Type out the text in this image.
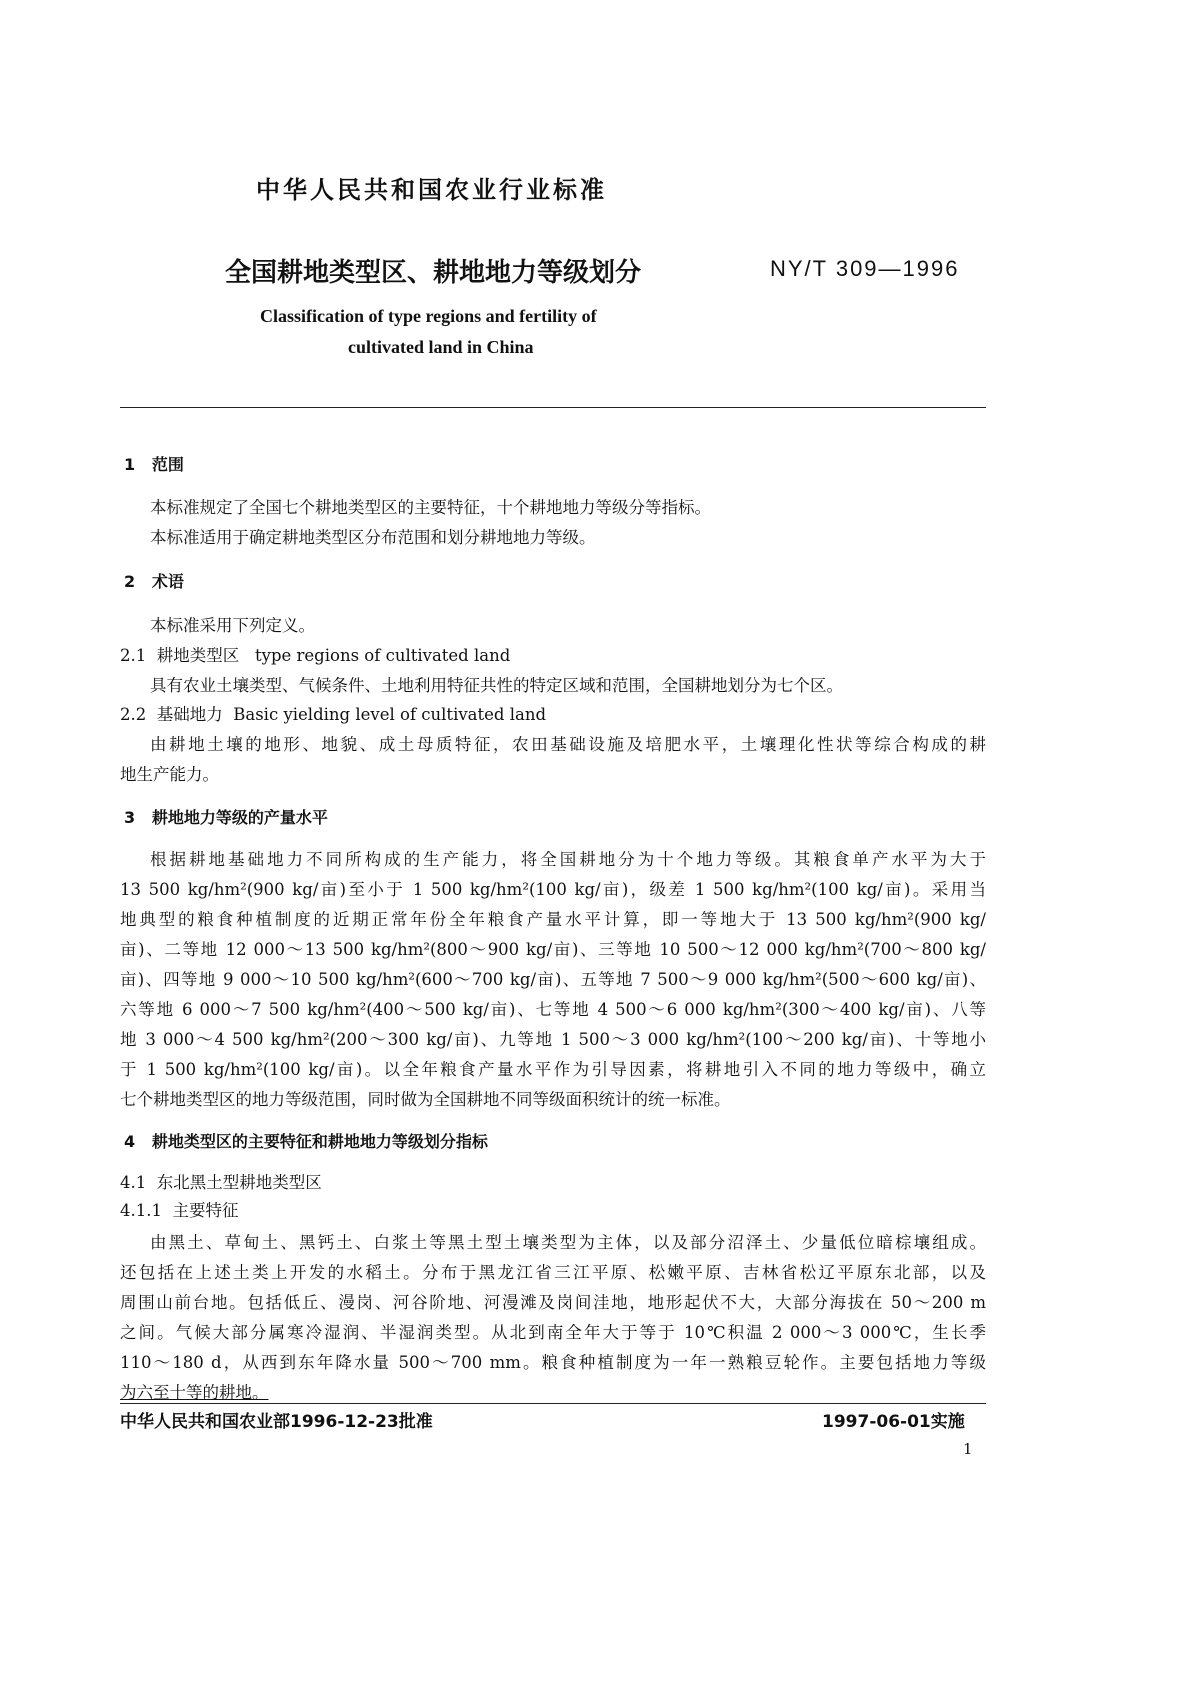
中华人民共和国农业行业标准
全国耕地类型区、耕地地力等级划分	NY/T 309—1996
Classification of type regions and fertility of
cultivated land in China
1 范围
本标准规定了全国七个耕地类型区的主要特征，十个耕地地力等级分等指标。
本标准适用于确定耕地类型区分布范围和划分耕地地力等级。
2 术语
本标准采用下列定义。
2.1 耕地类型区 type regions of cultivated land
具有农业土壤类型、气候条件、土地利用特征共性的特定区域和范围，全国耕地划分为七个区。
2.2 基础地力 Basic yielding level of cultivated land
由耕地土壤的地形、地貌、成土母质特征，农田基础设施及培肥水平，土壤理化性状等综合构成的耕
地生产能力。
3 耕地地力等级的产量水平
根据耕地基础地力不同所构成的生产能力，将全国耕地分为十个地力等级。其粮食单产水平为大于
13 500 kg/hm²(900 kg/亩)至小于 1 500 kg/hm²(100 kg/亩)，级差 1 500 kg/hm²(100 kg/亩)。采用当
地典型的粮食种植制度的近期正常年份全年粮食产量水平计算，即一等地大于 13 500 kg/hm²(900 kg/
亩)、二等地 12 000～13 500 kg/hm²(800～900 kg/亩)、三等地 10 500～12 000 kg/hm²(700～800 kg/
亩)、四等地 9 000～10 500 kg/hm²(600～700 kg/亩)、五等地 7 500～9 000 kg/hm²(500～600 kg/亩)、
六等地 6 000～7 500 kg/hm²(400～500 kg/亩)、七等地 4 500～6 000 kg/hm²(300～400 kg/亩)、八等
地 3 000～4 500 kg/hm²(200～300 kg/亩)、九等地 1 500～3 000 kg/hm²(100～200 kg/亩)、十等地小
于 1 500 kg/hm²(100 kg/亩)。以全年粮食产量水平作为引导因素，将耕地引入不同的地力等级中，确立
七个耕地类型区的地力等级范围，同时做为全国耕地不同等级面积统计的统一标准。
4 耕地类型区的主要特征和耕地地力等级划分指标
4.1 东北黑土型耕地类型区
4.1.1 主要特征
由黑土、草甸土、黑钙土、白浆土等黑土型土壤类型为主体，以及部分沼泽土、少量低位暗棕壤组成。
还包括在上述土类上开发的水稻土。分布于黑龙江省三江平原、松嫩平原、吉林省松辽平原东北部，以及
周围山前台地。包括低丘、漫岗、河谷阶地、河漫滩及岗间洼地，地形起伏不大，大部分海拔在 50～200 m
之间。气候大部分属寒冷湿润、半湿润类型。从北到南全年大于等于 10℃积温 2 000～3 000℃，生长季
110～180 d，从西到东年降水量 500～700 mm。粮食种植制度为一年一熟粮豆轮作。主要包括地力等级
为六至十等的耕地。
中华人民共和国农业部1996-12-23批准	1997-06-01实施
1
